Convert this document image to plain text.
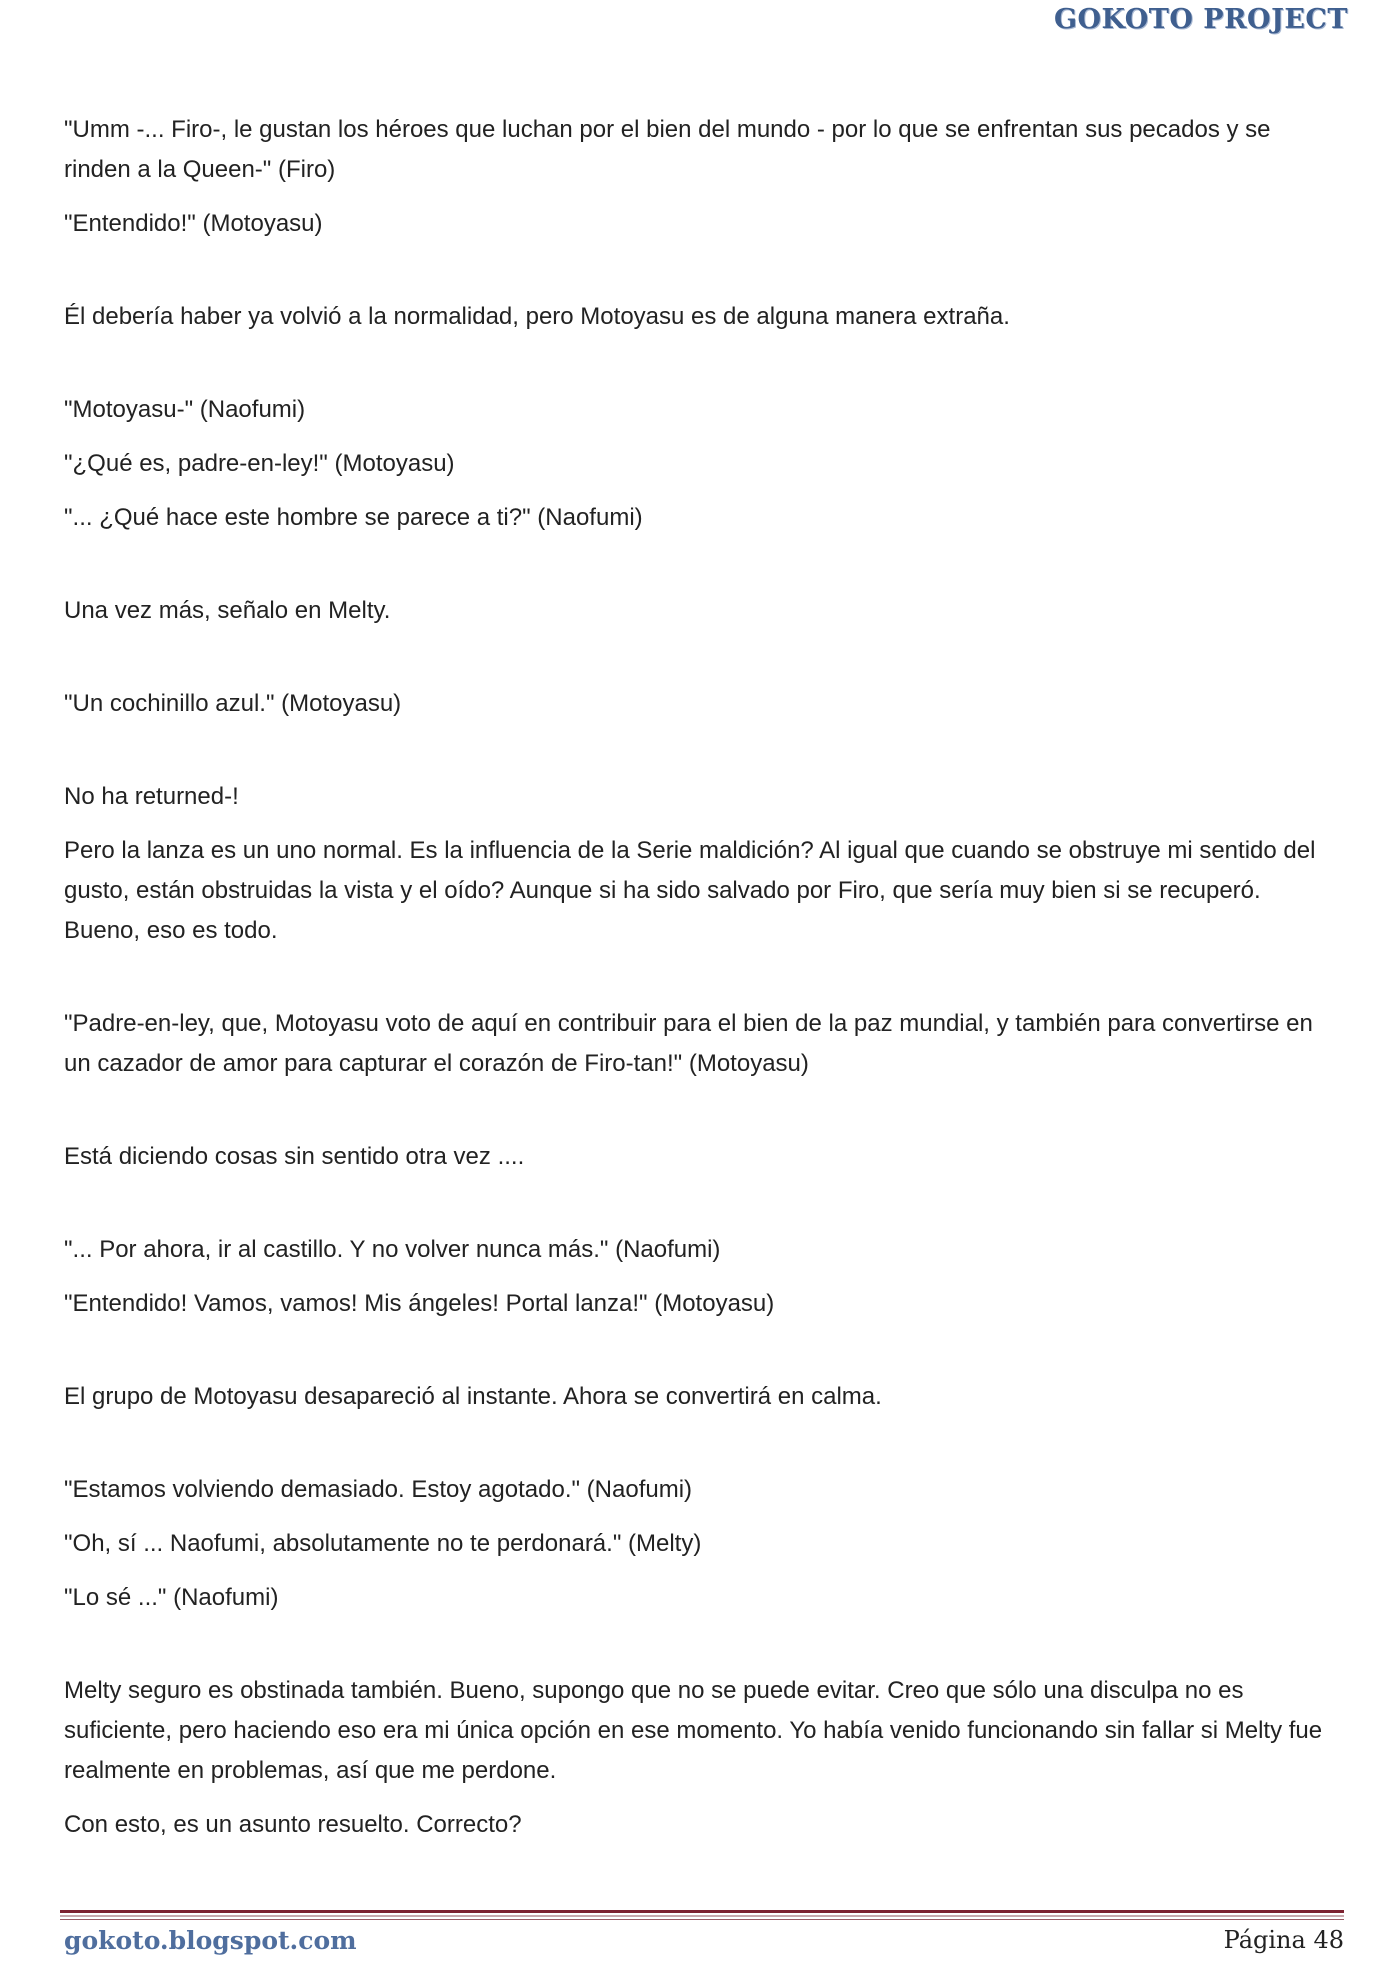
GOKOTO PROJECT

"Umm -... Firo-, le gustan los héroes que luchan por el bien del mundo - por lo que se enfrentan sus pecados y se rinden a la Queen-" (Firo)

"Entendido!" (Motoyasu)

Él debería haber ya volvió a la normalidad, pero Motoyasu es de alguna manera extraña.

"Motoyasu-" (Naofumi)

"¿Qué es, padre-en-ley!" (Motoyasu)

"... ¿Qué hace este hombre se parece a ti?" (Naofumi)

Una vez más, señalo en Melty.

"Un cochinillo azul." (Motoyasu)

No ha returned-!

Pero la lanza es un uno normal. Es la influencia de la Serie maldición? Al igual que cuando se obstruye mi sentido del gusto, están obstruidas la vista y el oído? Aunque si ha sido salvado por Firo, que sería muy bien si se recuperó. Bueno, eso es todo.

"Padre-en-ley, que, Motoyasu voto de aquí en contribuir para el bien de la paz mundial, y también para convertirse en un cazador de amor para capturar el corazón de Firo-tan!" (Motoyasu)

Está diciendo cosas sin sentido otra vez ....

"... Por ahora, ir al castillo. Y no volver nunca más." (Naofumi)

"Entendido! Vamos, vamos! Mis ángeles! Portal lanza!" (Motoyasu)

El grupo de Motoyasu desapareció al instante. Ahora se convertirá en calma.

"Estamos volviendo demasiado. Estoy agotado." (Naofumi)

"Oh, sí ... Naofumi, absolutamente no te perdonará." (Melty)

"Lo sé ..." (Naofumi)

Melty seguro es obstinada también. Bueno, supongo que no se puede evitar. Creo que sólo una disculpa no es suficiente, pero haciendo eso era mi única opción en ese momento. Yo había venido funcionando sin fallar si Melty fue realmente en problemas, así que me perdone.

Con esto, es un asunto resuelto. Correcto?

gokoto.blogspot.com	Página 48
